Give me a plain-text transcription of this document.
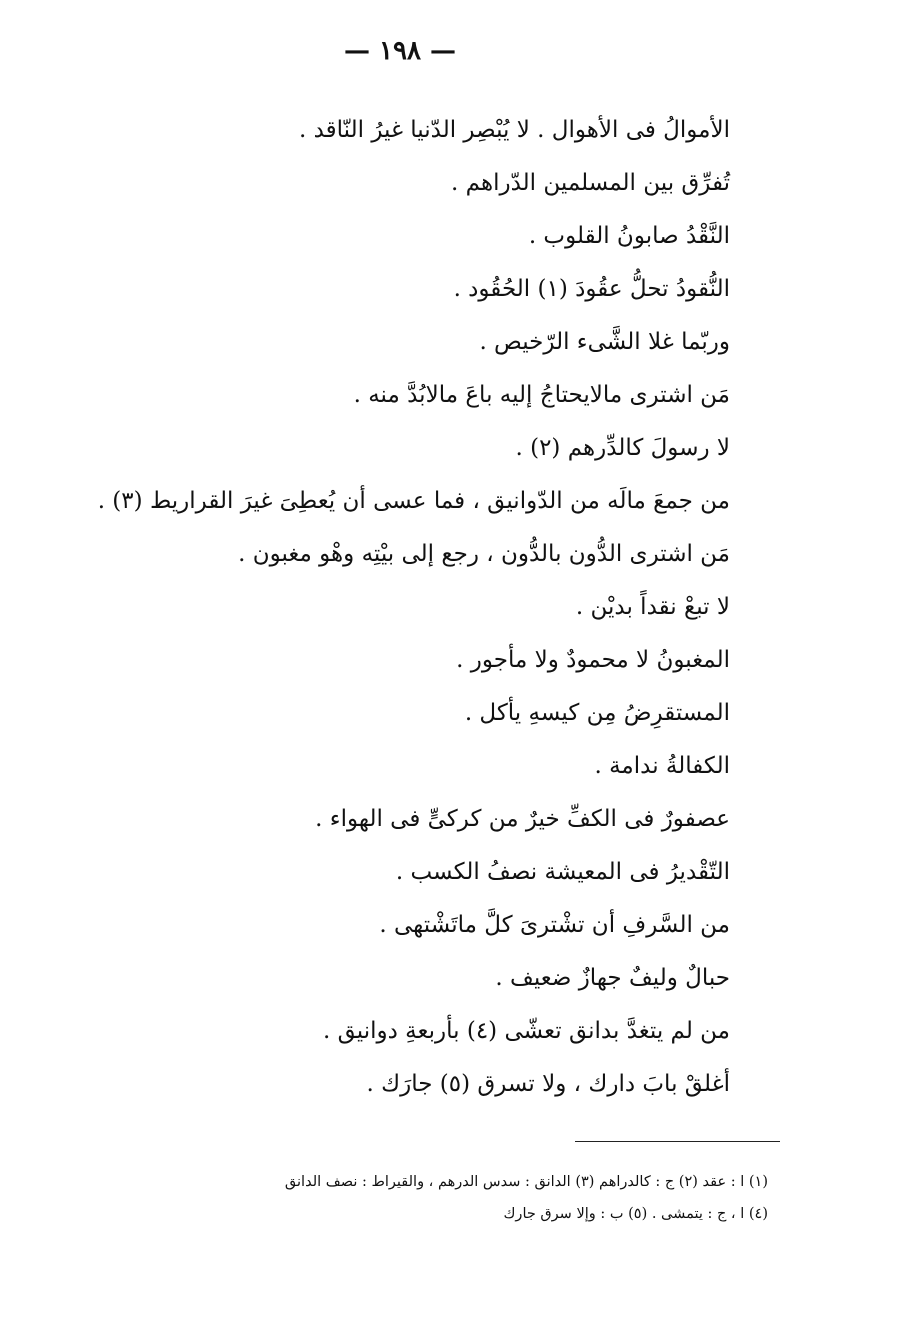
— ١٩٨ —
الأموالُ فى الأهوال . لا يُبْصِر الدّنيا غيرُ النّاقد .
تُفرِّق بين المسلمين الدّراهم .
النَّقْدُ صابونُ القلوب .
النُّقودُ تحلُّ عقُودَ (١) الحُقُود .
وربّما غلا الشَّىء الرّخيص .
مَن اشترى مالايحتاجُ إليه باعَ مالابُدَّ منه .
لا رسولَ كالدِّرهم (٢) .
من جمعَ مالَه من الدّوانيق ، فما عسى أن يُعطِىَ غيرَ القراريط (٣) .
مَن اشترى الدُّون بالدُّون ، رجع إلى بيْتِه وهْو مغبون .
لا تبعْ نقداً بديْن .
المغبونُ لا محمودٌ ولا مأجور .
المستقرِضُ مِن كيسهِ يأكل .
الكفالةُ ندامة .
عصفورٌ فى الكفِّ خيرٌ من كركىٍّ فى الهواء .
التّقْديرُ فى المعيشة نصفُ الكسب .
من السَّرفِ أن تشْترىَ كلَّ ماتَشْتهى .
حبالٌ وليفٌ جهازٌ ضعيف .
من لم يتغدَّ بدانق تعشّى (٤) بأربعةِ دوانيق .
أغلقْ بابَ دارك ، ولا تسرق (٥) جارَك .
(١) ا : عقد (٢) ج : كالدراهم (٣) الدانق : سدس الدرهم ، والقيراط : نصف الدانق
(٤) ا ، ج : يتمشى . (٥) ب : وإلا سرق جارك
